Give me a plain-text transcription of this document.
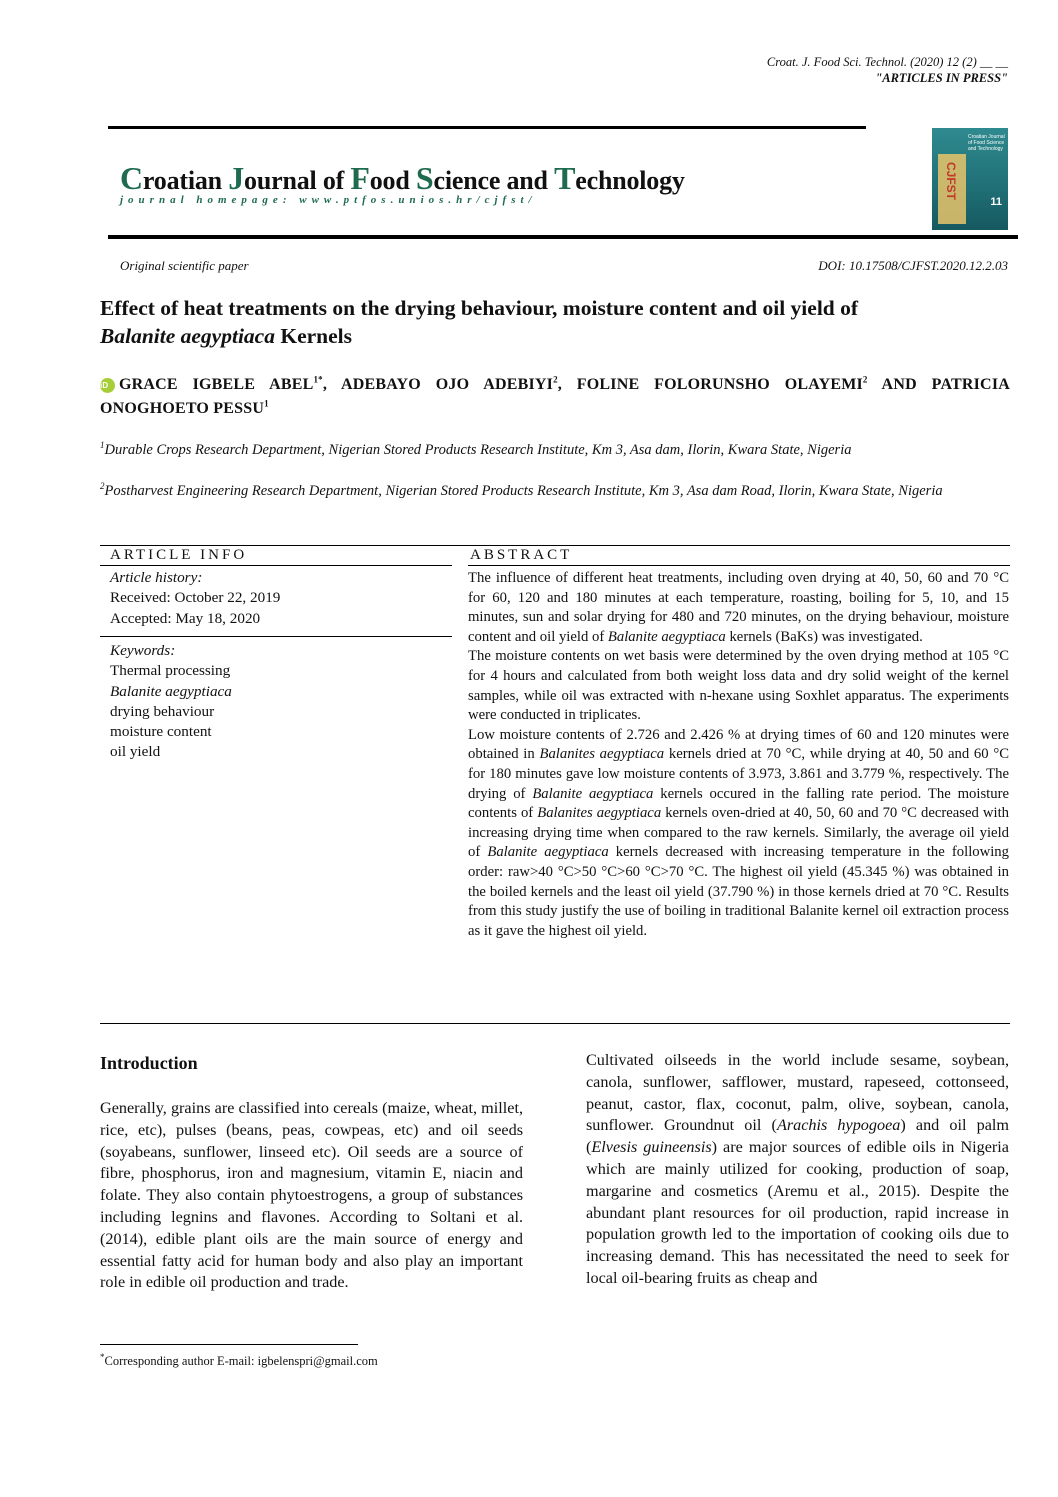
Croat. J. Food Sci. Technol. (2020) 12 (2) __ __
"ARTICLES IN PRESS"
Croatian Journal of Food Science and Technology
journal homepage: www.ptfos.unios.hr/cjfst/
Croatian Journal of Food Science and Technology
CJFST
11
Original scientific paper	DOI: 10.17508/CJFST.2020.12.2.03
Effect of heat treatments on the drying behaviour, moisture content and oil yield of
Balanite aegyptiaca Kernels
iD GRACE IGBELE $ABEL^{1*}$, ADEBAYO OJO ADEBIYI$^2$, FOLINE FOLORUNSHO OLAYEMI$^2$ AND PATRICIA ONOGHOETO PESSU$^1$
$^1$Durable Crops Research Department, Nigerian Stored Products Research Institute, Km 3, Asa dam, Ilorin, Kwara State, Nigeria
$^2$Postharvest Engineering Research Department, Nigerian Stored Products Research Institute, Km 3, Asa dam Road, Ilorin, Kwara State, Nigeria
ARTICLE INFO	ABSTRACT
Article history:
Received: October 22, 2019
Accepted: May 18, 2020
Keywords:
Thermal processing
Balanite aegyptiaca
drying behaviour
moisture content
oil yield

The influence of different heat treatments, including oven drying at 40, 50, 60 and 70 °C for 60, 120 and 180 minutes at each temperature, roasting, boiling for 5, 10, and 15 minutes, sun and solar drying for 480 and 720 minutes, on the drying behaviour, moisture content and oil yield of Balanite aegyptiaca kernels (BaKs) was investigated.

The moisture contents on wet basis were determined by the oven drying method at 105 °C for 4 hours and calculated from both weight loss data and dry solid weight of the kernel samples, while oil was extracted with n-hexane using Soxhlet apparatus. The experiments were conducted in triplicates.

Low moisture contents of 2.726 and 2.426 % at drying times of 60 and 120 minutes were obtained in Balanites aegyptiaca kernels dried at 70 °C, while drying at 40, 50 and 60 °C for 180 minutes gave low moisture contents of 3.973, 3.861 and 3.779 %, respectively. The drying of Balanite aegyptiaca kernels occured in the falling rate period. The moisture contents of Balanites aegyptiaca kernels oven-dried at 40, 50, 60 and 70 °C decreased with increasing drying time when compared to the raw kernels. Similarly, the average oil yield of Balanite aegyptiaca kernels decreased with increasing temperature in the following order: raw>40 °C>50 °C>60 °C>70 °C. The highest oil yield (45.345 %) was obtained in the boiled kernels and the least oil yield (37.790 %) in those kernels dried at 70 °C. Results from this study justify the use of boiling in traditional Balanite kernel oil extraction process as it gave the highest oil yield.

Introduction

Generally, grains are classified into cereals (maize, wheat, millet, rice, etc), pulses (beans, peas, cowpeas, etc) and oil seeds (soyabeans, sunflower, linseed etc). Oil seeds are a source of fibre, phosphorus, iron and magnesium, vitamin E, niacin and folate. They also contain phytoestrogens, a group of substances including legnins and flavones. According to Soltani et al. (2014), edible plant oils are the main source of energy and essential fatty acid for human body and also play an important role in edible oil production and trade.

Cultivated oilseeds in the world include sesame, soybean, canola, sunflower, safflower, mustard, rapeseed, cottonseed, peanut, castor, flax, coconut, palm, olive, soybean, canola, sunflower. Groundnut oil (Arachis hypogoea) and oil palm (Elvesis guineensis) are major sources of edible oils in Nigeria which are mainly utilized for cooking, production of soap, margarine and cosmetics (Aremu et al., 2015). Despite the abundant plant resources for oil production, rapid increase in population growth led to the importation of cooking oils due to increasing demand. This has necessitated the need to seek for local oil-bearing fruits as cheap and

*Corresponding author E-mail: igbelenspri@gmail.com
